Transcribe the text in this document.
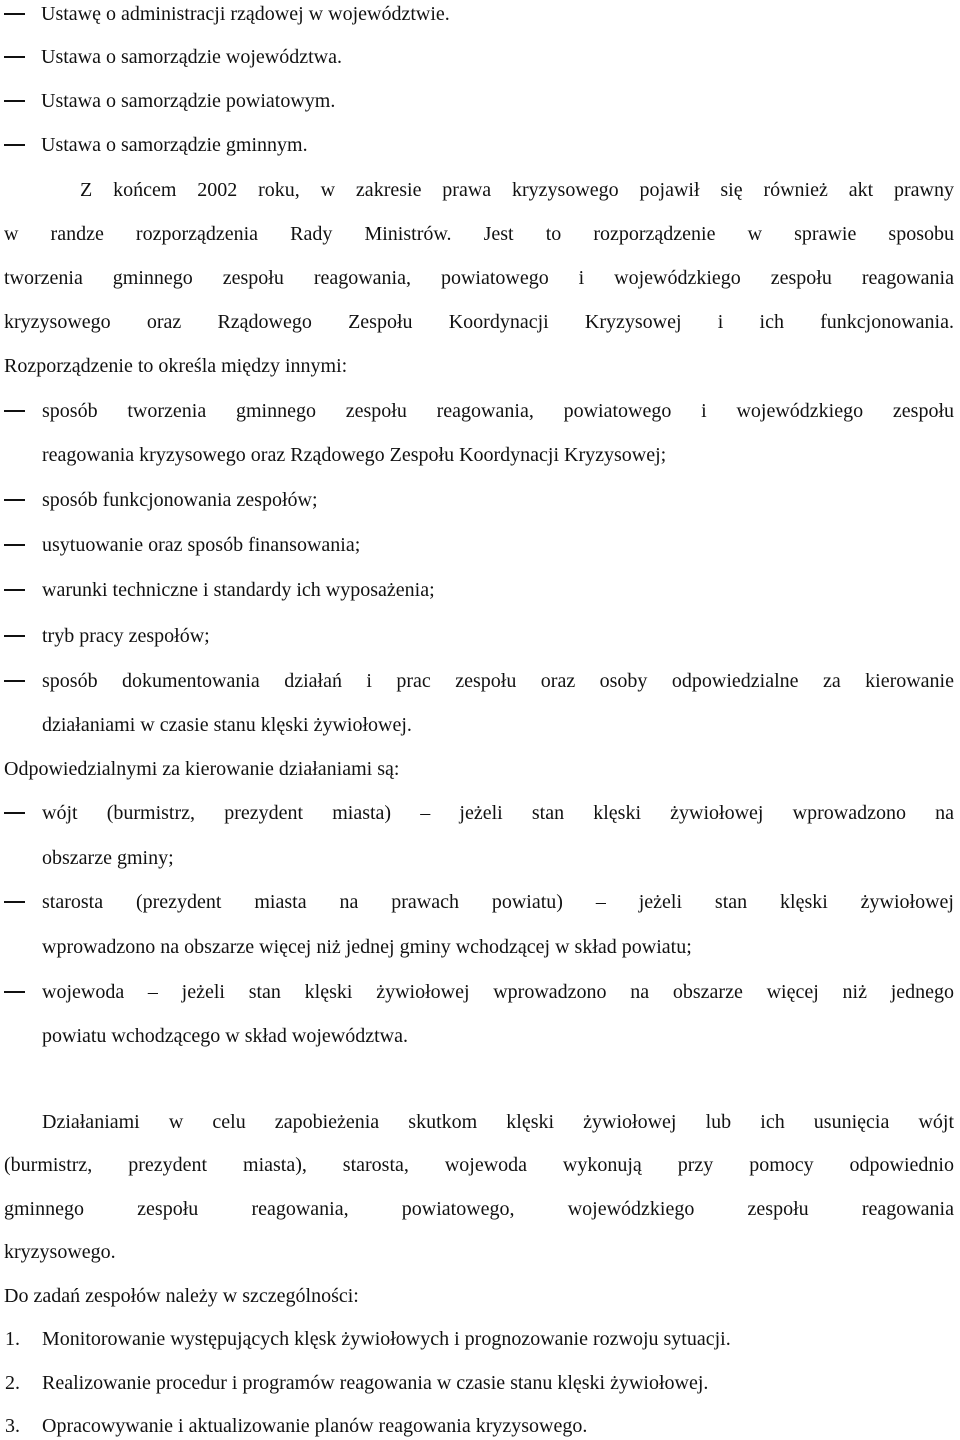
Ustawę o administracji rządowej w województwie.
Ustawa o samorządzie województwa.
Ustawa o samorządzie powiatowym.
Ustawa o samorządzie gminnym.
Z końcem 2002 roku, w zakresie prawa kryzysowego pojawił się również akt prawny
w randze rozporządzenia Rady Ministrów. Jest to rozporządzenie w sprawie sposobu
tworzenia gminnego zespołu reagowania, powiatowego i wojewódzkiego zespołu reagowania
kryzysowego oraz Rządowego Zespołu Koordynacji Kryzysowej i ich funkcjonowania.
Rozporządzenie to określa między innymi:
sposób tworzenia gminnego zespołu reagowania, powiatowego i wojewódzkiego zespołu
reagowania kryzysowego oraz Rządowego Zespołu Koordynacji Kryzysowej;
sposób funkcjonowania zespołów;
usytuowanie oraz sposób finansowania;
warunki techniczne i standardy ich wyposażenia;
tryb pracy zespołów;
sposób dokumentowania działań i prac zespołu oraz osoby odpowiedzialne za kierowanie
działaniami w czasie stanu klęski żywiołowej.
Odpowiedzialnymi za kierowanie działaniami są:
wójt (burmistrz, prezydent miasta) – jeżeli stan klęski żywiołowej wprowadzono na
obszarze gminy;
starosta (prezydent miasta na prawach powiatu) – jeżeli stan klęski żywiołowej
wprowadzono na obszarze więcej niż jednej gminy wchodzącej w skład powiatu;
wojewoda – jeżeli stan klęski żywiołowej wprowadzono na obszarze więcej niż jednego
powiatu wchodzącego w skład województwa.
Działaniami w celu zapobieżenia skutkom klęski żywiołowej lub ich usunięcia wójt
(burmistrz, prezydent miasta), starosta, wojewoda wykonują przy pomocy odpowiednio
gminnego zespołu reagowania, powiatowego, wojewódzkiego zespołu reagowania
kryzysowego.
Do zadań zespołów należy w szczególności:
1. Monitorowanie występujących klęsk żywiołowych i prognozowanie rozwoju sytuacji.
2. Realizowanie procedur i programów reagowania w czasie stanu klęski żywiołowej.
3. Opracowywanie i aktualizowanie planów reagowania kryzysowego.
